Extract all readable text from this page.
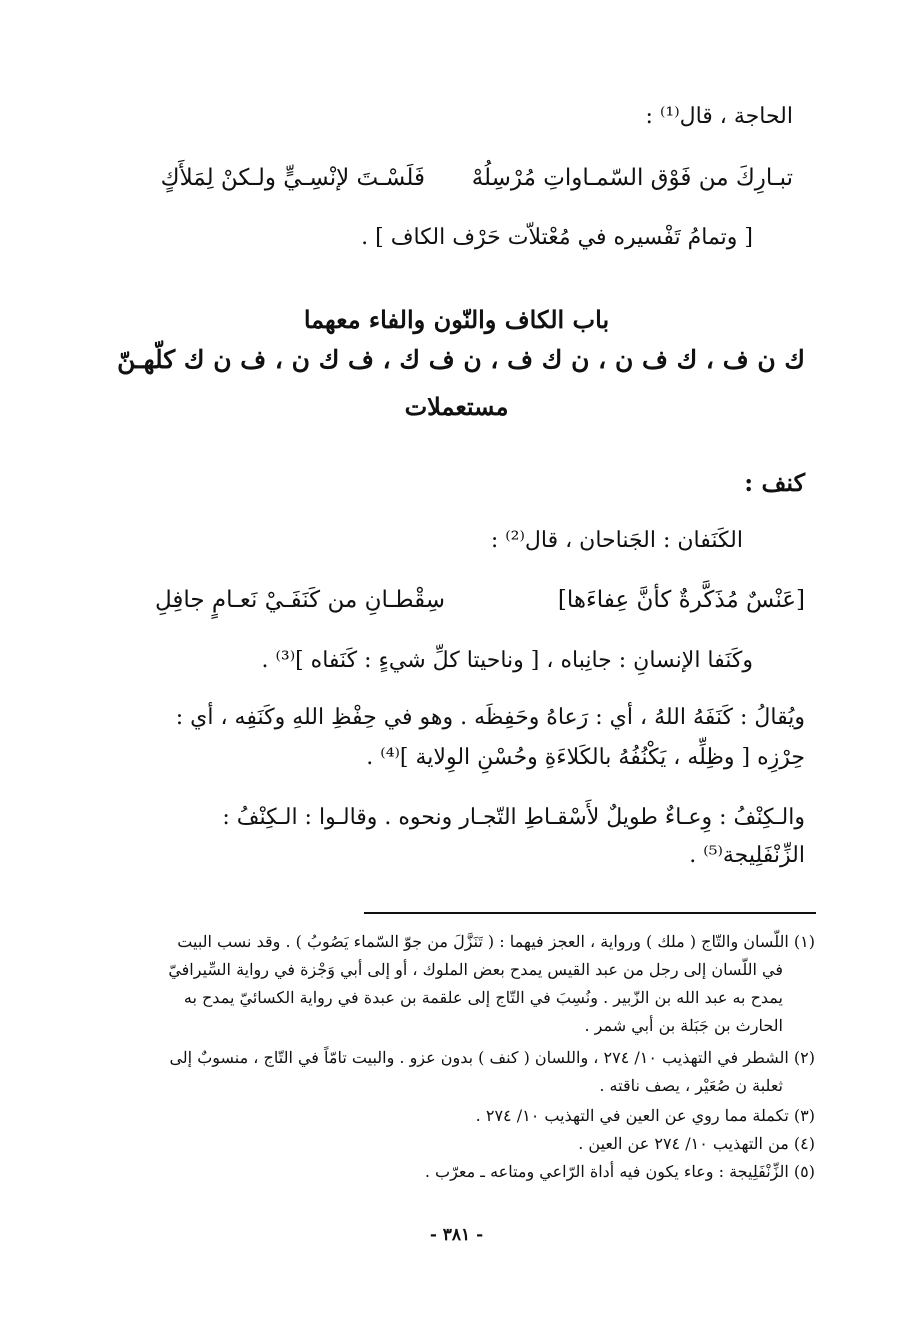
الحاجة ، قال⁽¹⁾ :
تبـارِكَ من فَوْق السّمـاواتِ مُرْسِلُهْ
فَلَسْـتَ لإنْسِـيٍّ ولـكنْ لِمَلأَكٍ
[ وتمامُ تَفْسيره في مُعْتلاّت حَرْف الكاف ] .
باب الكاف والنّون والفاء معهما
ك ن ف ، ك ف ن ، ن ك ف ، ن ف ك ، ف ك ن ، ف ن ك كلّهـنّ
مستعملات
كنف :
الكَنَفان : الجَناحان ، قال⁽²⁾ :
[عَنْسٌ مُذَكَّرةٌ كأنَّ عِفاءَها]
سِقْطـانِ من كَنَفَـيْ نَعـامٍ جافِلِ
وكَنَفا الإنسانِ : جانِباه ، [ وناحيتا كلِّ شيءٍ : كَنَفاه ]⁽³⁾ .
ويُقالُ : كَنَفَهُ اللهُ ، أي : رَعاهُ وحَفِظَه . وهو في حِفْظِ اللهِ وكَنَفِه ، أي :
حِرْزِه [ وظِلِّه ، يَكْنُفُهُ بالكَلاءَةِ وحُسْنِ الوِلاية ]⁽⁴⁾ .
والـكِنْفُ : وِعـاءٌ طويلٌ لأَسْقـاطِ التّجـار ونحوه . وقالـوا : الـكِنْفُ :
الزِّنْفَلِيجة⁽⁵⁾ .
(١) اللّسان والتّاج ( ملك ) ورواية ، العجز فيهما : ( تَنَزَّلَ من جوّ السّماء يَصُوبُ ) . وقد نسب البيت
في اللّسان إلى رجل من عبد القيس يمدح بعض الملوك ، أو إلى أبي وَجْزة في رواية السِّيرافيّ
يمدح به عبد الله بن الزّبير . ونُسِبَ في التّاج إلى علقمة بن عبدة في رواية الكسائيّ يمدح به
الحارث بن جَبَلة بن أبي شمر .
(٢) الشطر في التهذيب ١٠/ ٢٧٤ ، واللسان ( كنف ) بدون عزو . والبيت تامّاً في التّاج ، منسوبٌ إلى
ثعلبة ن صُعَيْر ، يصف ناقته .
(٣) تكملة مما روي عن العين في التهذيب ١٠/ ٢٧٤ .
(٤) من التهذيب ١٠/ ٢٧٤ عن العين .
(٥) الزِّنْفَلِيجة : وعاء يكون فيه أداة الرّاعي ومتاعه ـ معرّب .
- ٣٨١ -
